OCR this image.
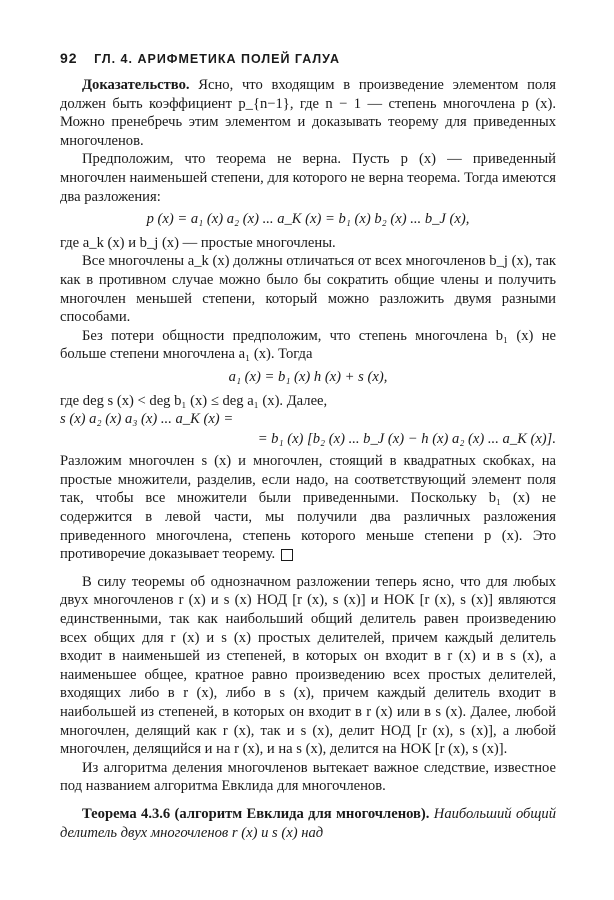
92 ГЛ. 4. АРИФМЕТИКА ПОЛЕЙ ГАЛУА

Доказательство. Ясно, что входящим в произведение элементом поля должен быть коэффициент p_{n−1}, где n − 1 — степень многочлена p (x). Можно пренебречь этим элементом и доказывать теорему для приведенных многочленов.

Предположим, что теорема не верна. Пусть p (x) — приведенный многочлен наименьшей степени, для которого не верна теорема. Тогда имеются два разложения:

p (x) = a₁ (x) a₂ (x) ... a_K (x) = b₁ (x) b₂ (x) ... b_J (x),

где a_k (x) и b_j (x) — простые многочлены.

Все многочлены a_k (x) должны отличаться от всех многочленов b_j (x), так как в противном случае можно было бы сократить общие члены и получить многочлен меньшей степени, который можно разложить двумя разными способами.

Без потери общности предположим, что степень многочлена b₁ (x) не больше степени многочлена a₁ (x). Тогда

a₁ (x) = b₁ (x) h (x) + s (x),

где deg s (x) < deg b₁ (x) ≤ deg a₁ (x). Далее,

s (x) a₂ (x) a₃ (x) ... a_K (x) =

= b₁ (x) [b₂ (x) ... b_J (x) − h (x) a₂ (x) ... a_K (x)].

Разложим многочлен s (x) и многочлен, стоящий в квадратных скобках, на простые множители, разделив, если надо, на соответствующий элемент поля так, чтобы все множители были приведенными. Поскольку b₁ (x) не содержится в левой части, мы получили два различных разложения приведенного многочлена, степень которого меньше степени p (x). Это противоречие доказывает теорему.

В силу теоремы об однозначном разложении теперь ясно, что для любых двух многочленов r (x) и s (x) НОД [r (x), s (x)] и НОК [r (x), s (x)] являются единственными, так как наибольший общий делитель равен произведению всех общих для r (x) и s (x) простых делителей, причем каждый делитель входит в наименьшей из степеней, в которых он входит в r (x) и в s (x), а наименьшее общее, кратное равно произведению всех простых делителей, входящих либо в r (x), либо в s (x), причем каждый делитель входит в наибольшей из степеней, в которых он входит в r (x) или в s (x). Далее, любой многочлен, делящий как r (x), так и s (x), делит НОД [r (x), s (x)], а любой многочлен, делящийся и на r (x), и на s (x), делится на НОК [r (x), s (x)].

Из алгоритма деления многочленов вытекает важное следствие, известное под названием алгоритма Евклида для многочленов.

Теорема 4.3.6 (алгоритм Евклида для многочленов). Наибольший общий делитель двух многочленов r (x) и s (x) над
